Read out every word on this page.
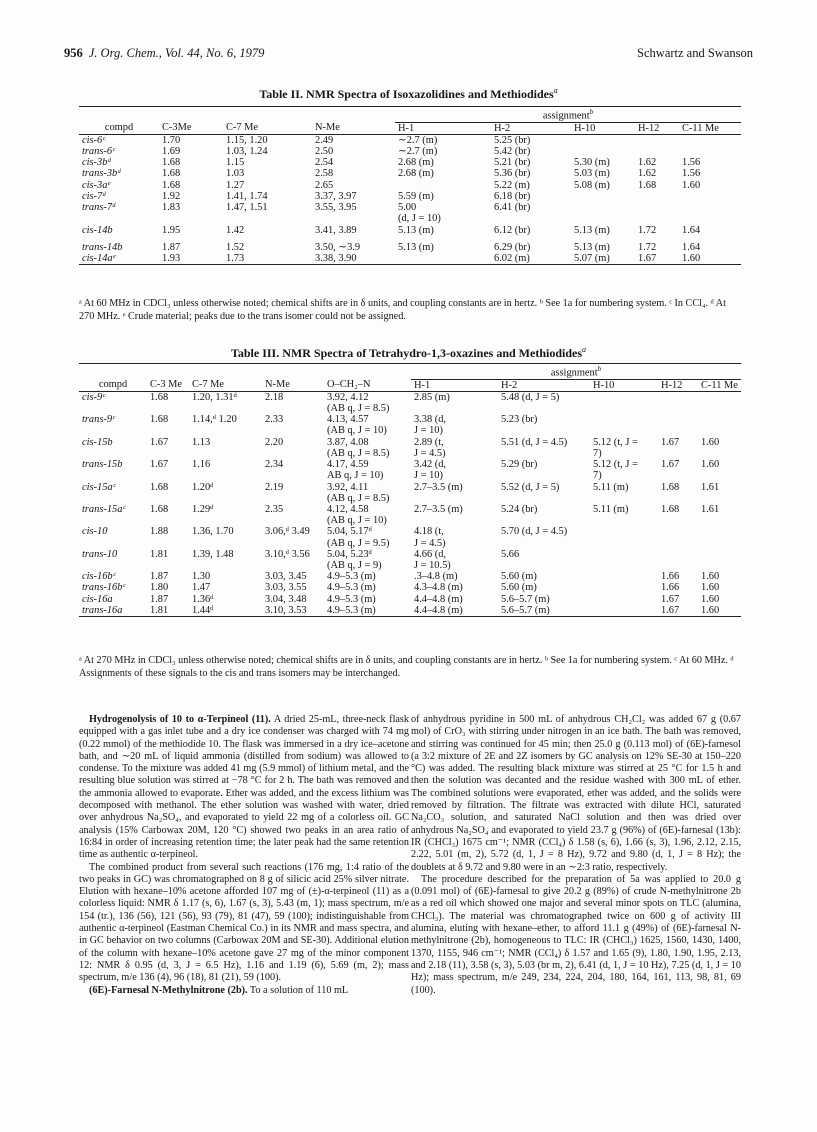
956 J. Org. Chem., Vol. 44, No. 6, 1979	Schwartz and Swanson
Table II. NMR Spectra of Isoxazolidines and Methiodides$^a$
				assignment$^b$
compd	C-3Me	C-7 Me	N-Me	H-1	H-2	H-10	H-12	C-11 Me
cis-6ᶜ	1.70	1.15, 1.20	2.49	∼2.7 (m)	5.25 (br)			
trans-6ᶜ	1.69	1.03, 1.24	2.50	∼2.7 (m)	5.42 (br)			
cis-3bᵈ	1.68	1.15	2.54	2.68 (m)	5.21 (br)	5.30 (m)	1.62	1.56
trans-3bᵈ	1.68	1.03	2.58	2.68 (m)	5.36 (br)	5.03 (m)	1.62	1.56
cis-3aᵉ	1.68	1.27	2.65		5.22 (m)	5.08 (m)	1.68	1.60
cis-7ᵈ	1.92	1.41, 1.74	3.37, 3.97	5.59 (m)	6.18 (br)			
trans-7ᵈ	1.83	1.47, 1.51	3.55, 3.95	5.00	6.41 (br)			
				(d, J = 10)				
cis-14b	1.95	1.42	3.41, 3.89	5.13 (m)	6.12 (br)	5.13 (m)	1.72	1.64
trans-14b	1.87	1.52	3.50, ∼3.9	5.13 (m)	6.29 (br)	5.13 (m)	1.72	1.64
cis-14aᵉ	1.93	1.73	3.38, 3.90		6.02 (m)	5.07 (m)	1.67	1.60
ᵃ At 60 MHz in CDCl₃ unless otherwise noted; chemical shifts are in δ units, and coupling constants are in hertz. ᵇ See 1a for numbering system. ᶜ In CCl₄. ᵈ At 270 MHz. ᵉ Crude material; peaks due to the trans isomer could not be assigned.
Table III. NMR Spectra of Tetrahydro-1,3-oxazines and Methiodides$^a$
					assignment$^b$
compd	C-3 Me	C-7 Me	N-Me	O–CH₂–N	H-1	H-2	H-10	H-12	C-11 Me
cis-9ᶜ	1.68	1.20, 1.31ᵈ	2.18	3.92, 4.12	2.85 (m)	5.48 (d, J = 5)			
				(AB q, J = 8.5)					
trans-9ᶜ	1.68	1.14,ᵈ 1.20	2.33	4.13, 4.57	3.38 (d,	5.23 (br)			
				(AB q, J = 10)	J = 10)				
cis-15b	1.67	1.13	2.20	3.87, 4.08	2.89 (t,	5.51 (d, J = 4.5)	5.12 (t, J =	1.67	1.60
				(AB q, J = 8.5)	J = 4.5)		7)		
trans-15b	1.67	1.16	2.34	4.17, 4.59	3.42 (d,	5.29 (br)	5.12 (t, J =	1.67	1.60
				AB q, J = 10)	J = 10)		7)		
cis-15aᶜ	1.68	1.20ᵈ	2.19	3.92, 4.11	2.7–3.5 (m)	5.52 (d, J = 5)	5.11 (m)	1.68	1.61
				(AB q, J = 8.5)					
trans-15aᶜ	1.68	1.29ᵈ	2.35	4.12, 4.58	2.7–3.5 (m)	5.24 (br)	5.11 (m)	1.68	1.61
				(AB q, J = 10)					
cis-10	1.88	1.36, 1.70	3.06,ᵈ 3.49	5.04, 5.17ᵈ	4.18 (t,	5.70 (d, J = 4.5)			
				(AB q, J = 9.5)	J = 4.5)				
trans-10	1.81	1.39, 1.48	3.10,ᵈ 3.56	5.04, 5.23ᵈ	4.66 (d,	5.66			
				(AB q, J = 9)	J = 10.5)				
cis-16bᶜ	1.87	1.30	3.03, 3.45	4.9–5.3 (m)	.3–4.8 (m)	5.60 (m)		1.66	1.60
trans-16bᶜ	1.80	1.47	3.03, 3.55	4.9–5.3 (m)	4.3–4.8 (m)	5.60 (m)		1.66	1.60
cis-16a	1.87	1.36ᵈ	3.04, 3.48	4.9–5.3 (m)	4.4–4.8 (m)	5.6–5.7 (m)		1.67	1.60
trans-16a	1.81	1.44ᵈ	3.10, 3.53	4.9–5.3 (m)	4.4–4.8 (m)	5.6–5.7 (m)		1.67	1.60
ᵃ At 270 MHz in CDCl₃ unless otherwise noted; chemical shifts are in δ units, and coupling constants are in hertz. ᵇ See 1a for numbering system. ᶜ At 60 MHz. ᵈ Assignments of these signals to the cis and trans isomers may be interchanged.

Hydrogenolysis of 10 to α-Terpineol (11). A dried 25-mL, three-neck flask equipped with a gas inlet tube and a dry ice condenser was charged with 74 mg (0.22 mmol) of the methiodide 10. The flask was immersed in a dry ice–acetone bath, and ∼20 mL of liquid ammonia (distilled from sodium) was allowed to condense. To the mixture was added 41 mg (5.9 mmol) of lithium metal, and the resulting blue solution was stirred at −78 °C for 2 h. The bath was removed and the ammonia allowed to evaporate. Ether was added, and the excess lithium was decomposed with methanol. The ether solution was washed with water, dried over anhydrous Na₂SO₄, and evaporated to yield 22 mg of a colorless oil. GC analysis (15% Carbowax 20M, 120 °C) showed two peaks in an area ratio of 16:84 in order of increasing retention time; the later peak had the same retention time as authentic α-terpineol.

The combined product from several such reactions (176 mg, 1:4 ratio of the two peaks in GC) was chromatographed on 8 g of silicic acid 25% silver nitrate. Elution with hexane–10% acetone afforded 107 mg of (±)-α-terpineol (11) as a colorless liquid: NMR δ 1.17 (s, 6), 1.67 (s, 3), 5.43 (m, 1); mass spectrum, m/e 154 (tr.), 136 (56), 121 (56), 93 (79), 81 (47), 59 (100); indistinguishable from authentic α-terpineol (Eastman Chemical Co.) in its NMR and mass spectra, and in GC behavior on two columns (Carbowax 20M and SE-30). Additional elution of the column with hexane–10% acetone gave 27 mg of the minor component 12: NMR δ 0.95 (d, 3, J = 6.5 Hz), 1.16 and 1.19 (6), 5.69 (m, 2); mass spectrum, m/e 136 (4), 96 (18), 81 (21), 59 (100).

(6E)-Farnesal N-Methylnitrone (2b). To a solution of 110 mL

of anhydrous pyridine in 500 mL of anhydrous CH₂Cl₂ was added 67 g (0.67 mol) of CrO₃ with stirring under nitrogen in an ice bath. The bath was removed, and stirring was continued for 45 min; then 25.0 g (0.113 mol) of (6E)-farnesol (a 3:2 mixture of 2E and 2Z isomers by GC analysis on 12% SE-30 at 150–220 °C) was added. The resulting black mixture was stirred at 25 °C for 1.5 h and then the solution was decanted and the residue washed with 300 mL of ether. The combined solutions were evaporated, ether was added, and the solids were removed by filtration. The filtrate was extracted with dilute HCl, saturated Na₂CO₃ solution, and saturated NaCl solution and then was dried over anhydrous Na₂SO₄ and evaporated to yield 23.7 g (96%) of (6E)-farnesal (13b): IR (CHCl₃) 1675 cm⁻¹; NMR (CCl₄) δ 1.58 (s, 6), 1.66 (s, 3), 1.96, 2.12, 2.15, 2.22, 5.01 (m, 2), 5.72 (d, 1, J = 8 Hz), 9.72 and 9.80 (d, 1, J = 8 Hz); the doublets at δ 9.72 and 9.80 were in an ∼2:3 ratio, respectively.

The procedure described for the preparation of 5a was applied to 20.0 g (0.091 mol) of (6E)-farnesal to give 20.2 g (89%) of crude N-methylnitrone 2b as a red oil which showed one major and several minor spots on TLC (alumina, CHCl₃). The material was chromatographed twice on 600 g of activity III alumina, eluting with hexane–ether, to afford 11.1 g (49%) of (6E)-farnesal N-methylnitrone (2b), homogeneous to TLC: IR (CHCl₃) 1625, 1560, 1430, 1400, 1370, 1155, 946 cm⁻¹; NMR (CCl₄) δ 1.57 and 1.65 (9), 1.80, 1.90, 1.95, 2.13, and 2.18 (11), 3.58 (s, 3), 5.03 (br m, 2), 6.41 (d, 1, J = 10 Hz), 7.25 (d, 1, J = 10 Hz); mass spectrum, m/e 249, 234, 224, 204, 180, 164, 161, 113, 98, 81, 69 (100).
